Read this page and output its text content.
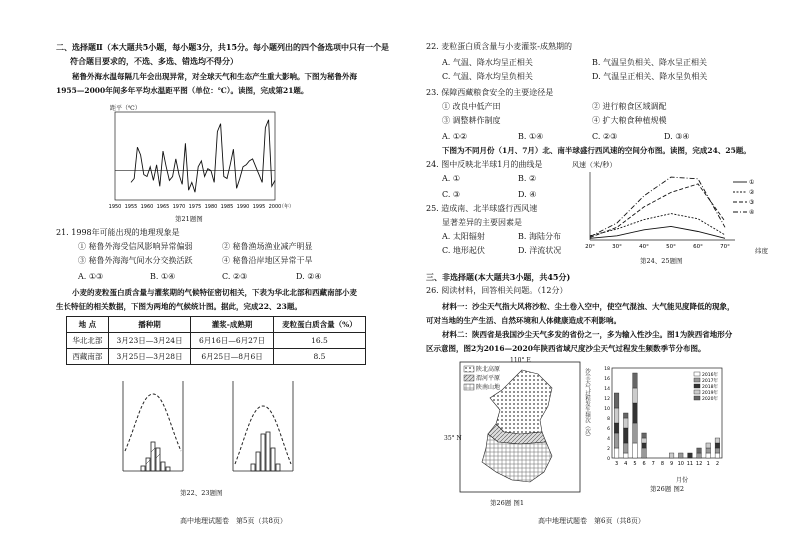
二、选择题Ⅱ（本大题共5小题，每小题3分，共15分。每小题列出的四个备选项中只有一个是
符合题目要求的，不选、多选、错选均不得分）
秘鲁外海水温每隔几年会出现异常，对全球天气和生态产生重大影响。下图为秘鲁外海
1955—2000年间多年平均水温距平图（单位：℃）。读图，完成第21题。
距平（℃）
1950 1955 1960 1965 1970 1975 1980 1985 1990 1995 2000
（年）
第21题图
21. 1998年可能出现的地理现象是
① 秘鲁外海受信风影响异常偏弱	② 秘鲁渔场渔业减产明显
③ 秘鲁外海海气间水分交换活跃	④ 秘鲁沿岸地区异常干旱
A. ①③	B. ①④	C. ②③	D. ②④
小麦的麦粒蛋白质含量与灌浆期的气候特征密切相关，下表为华北北部和西藏南部小麦
生长特征的相关数据，下图为两地的气候统计图。据此，完成22、23题。
地 点	播种期	灌浆-成熟期	麦粒蛋白质含量（%）
华北北部	3月23日—3月24日	6月16日—6月27日	16.5
西藏南部	3月25日—3月28日	6月25日—8月6日	8.5
第22、23题图
高中地理试题卷　第5页（共8页）
22. 麦粒蛋白质含量与小麦灌浆-成熟期的
A. 气温、降水均呈正相关	B. 气温呈负相关、降水呈正相关
C. 气温、降水均呈负相关	D. 气温呈正相关、降水呈负相关
23. 保障西藏粮食安全的主要途径是
① 改良中低产田	② 进行粮食区域调配
③ 调整耕作制度	④ 扩大粮食种植规模
A. ①②	B. ①④	C. ②③	D. ③④
下图为不同月份（1月、7月）北、南半球盛行西风速的空间分布图。读图，完成24、25题。
24. 图中反映北半球1月的曲线是
A. ①	B. ②
C. ③	D. ④
25. 造成南、北半球盛行西风速
显著差异的主要因素是
A. 太阳辐射	B. 海陆分布
C. 地形起伏	D. 洋流状况
风速（米/秒）
①
②
③
④
20°	30°	40°	50°	60°	70°	纬度
第24、25题图
三、非选择题(本大题共3小题，共45分)
26. 阅读材料，回答相关问题。（12分）
材料一：沙尘天气指大风将沙粒、尘土卷入空中，使空气混浊、大气能见度降低的现象，
可对当地的生产生活、自然环境和人体健康造成不利影响。
材料二：陕西省是我国沙尘天气多发的省份之一，多为输入性沙尘。图1为陕西省地形分
区示意图，图2为2016—2020年陕西省域尺度沙尘天气过程发生频数季节分布图。
110° E
35° N
陕北高原
渭河平原
陕南山地
第26题 图1
0
2
4
6
8
10
12
14
16
18
3 4 5 6 7 8 9 10 11 12 1 2
2016年
2017年
2018年
2019年
2020年
沙尘天气过程发生频次（次）
月份
第26题 图2
高中地理试题卷　第6页（共8页）
